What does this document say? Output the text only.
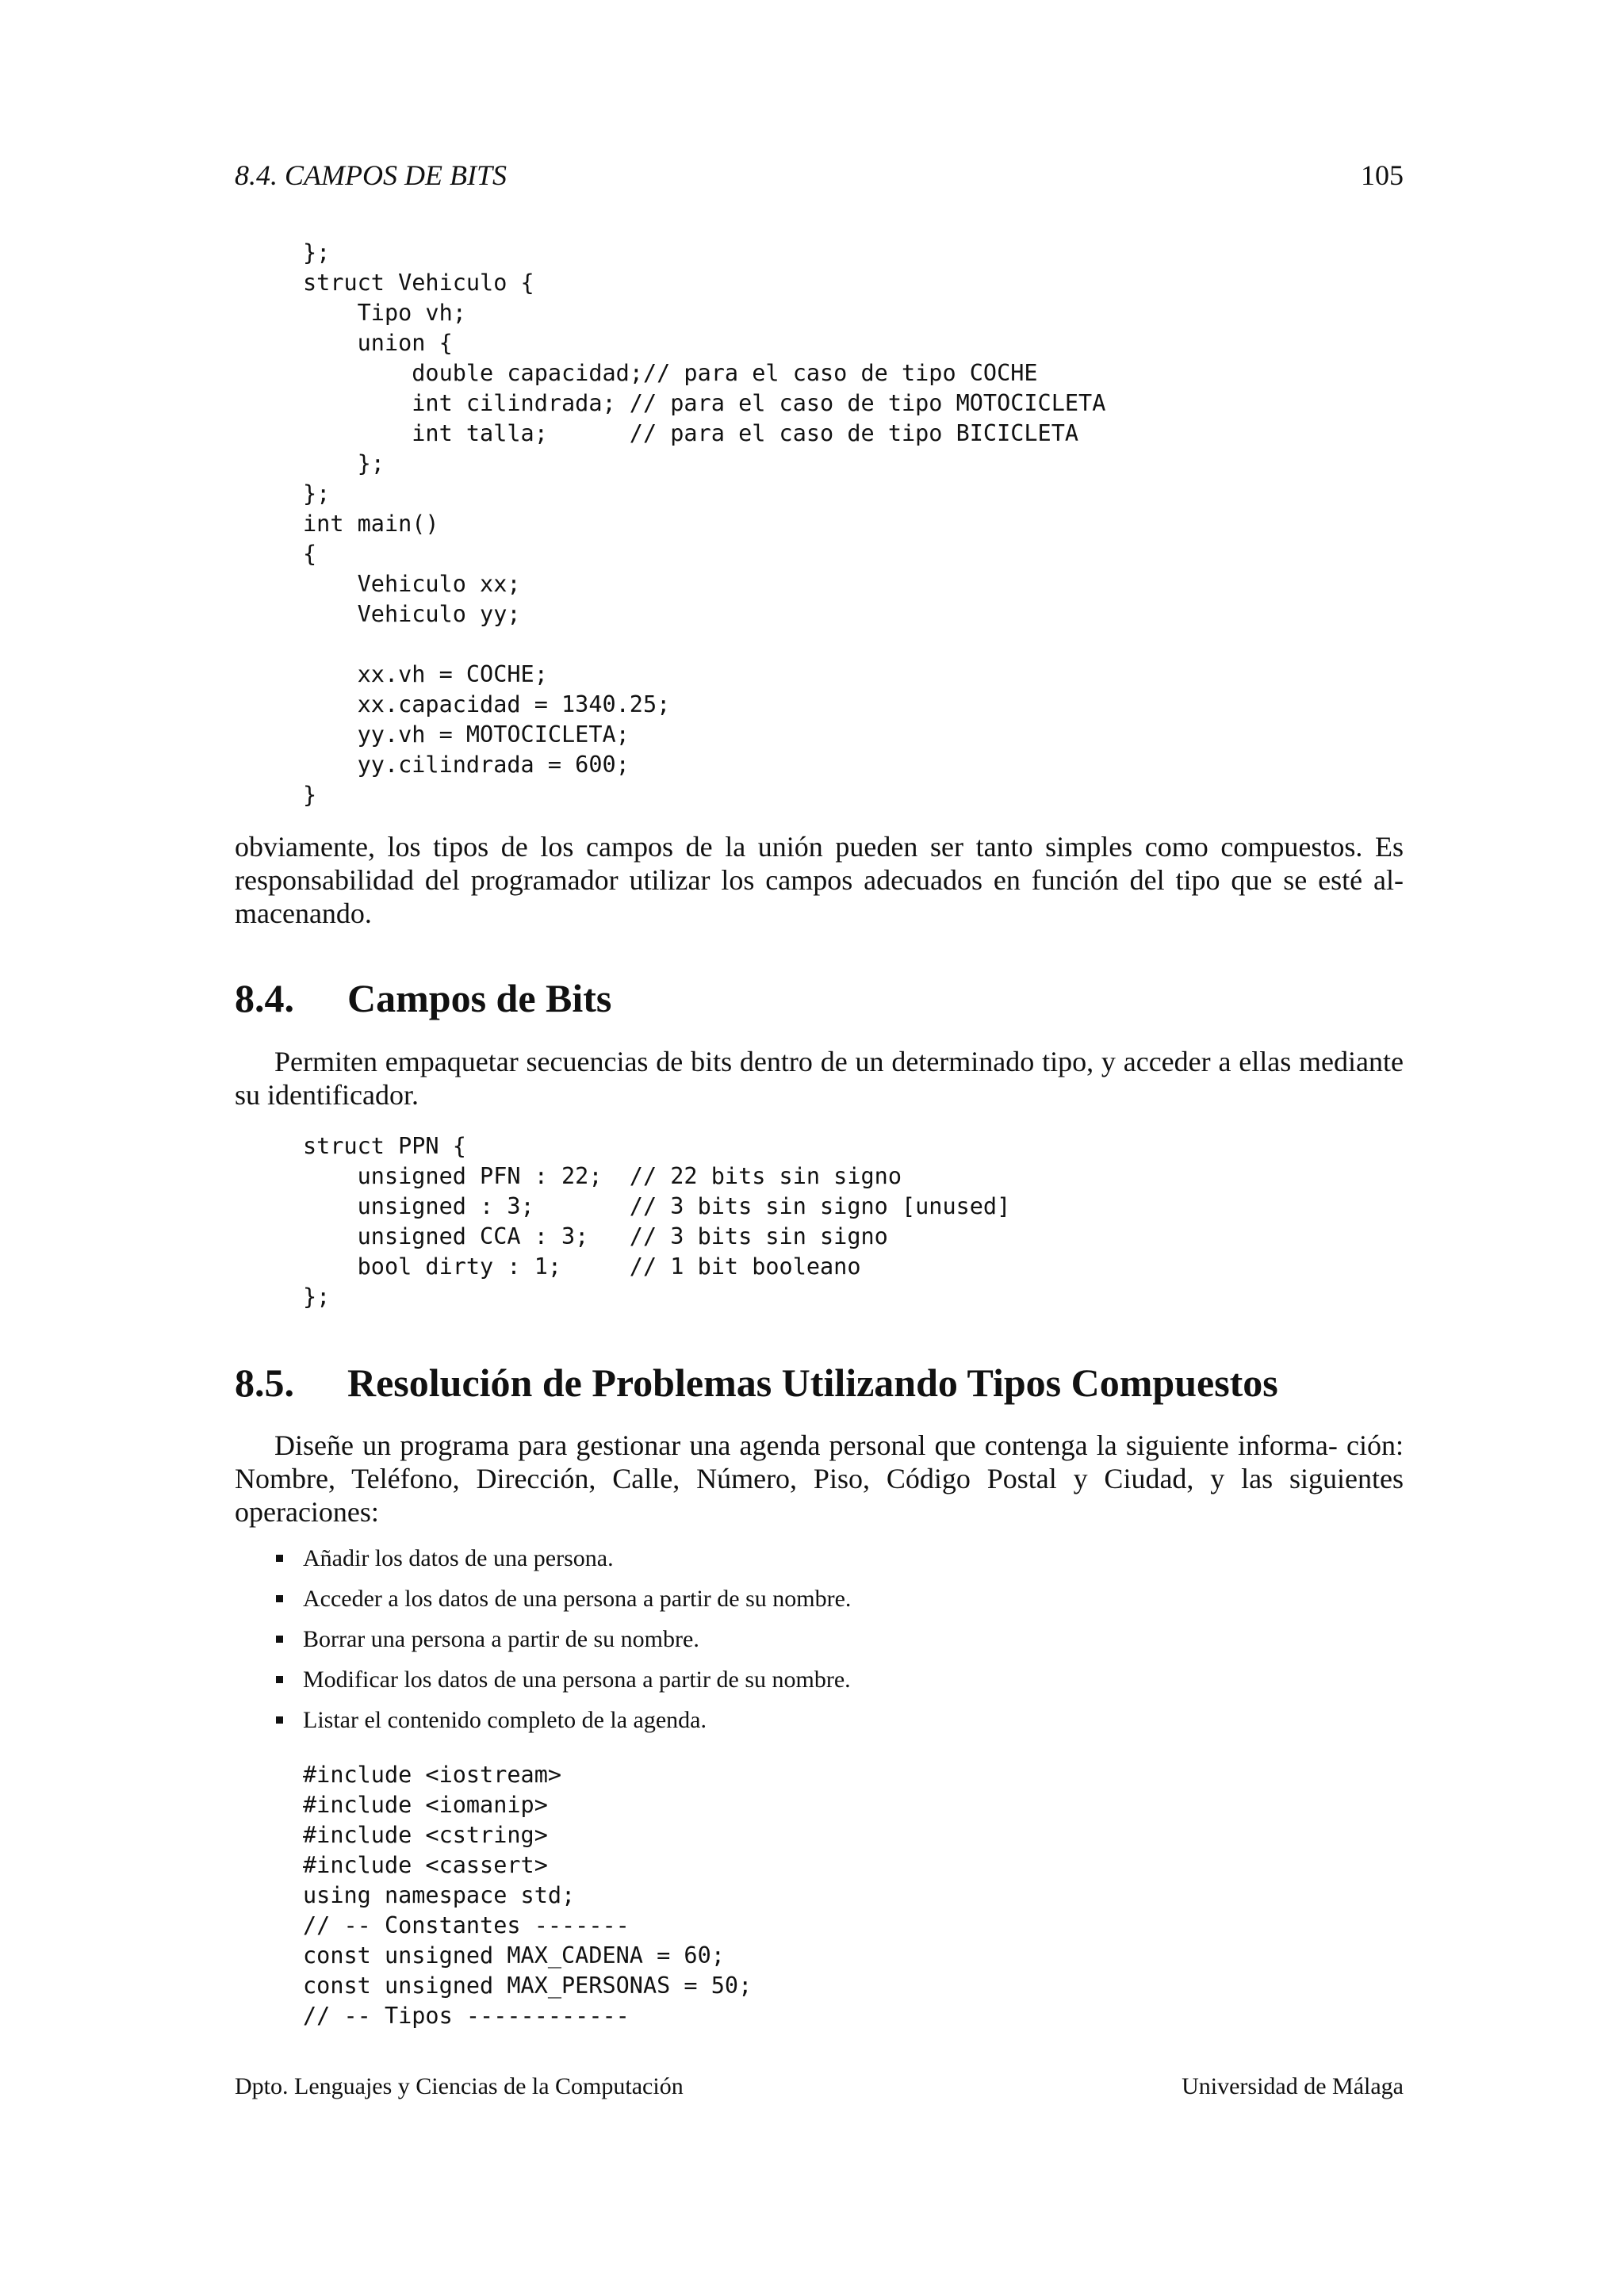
8.4. CAMPOS DE BITS	105
};
struct Vehiculo {
Tipo vh;
union {
double capacidad;// para el caso de tipo COCHE
int cilindrada; // para el caso de tipo MOTOCICLETA
int talla;      // para el caso de tipo BICICLETA
};
};
int main()
{
Vehiculo xx;
Vehiculo yy;

xx.vh = COCHE;
xx.capacidad = 1340.25;
yy.vh = MOTOCICLETA;
yy.cilindrada = 600;
}

obviamente, los tipos de los campos de la unión pueden ser tanto simples como compuestos. Es responsabilidad del programador utilizar los campos adecuados en función del tipo que se esté al- macenando.

8.4. Campos de Bits

Permiten empaquetar secuencias de bits dentro de un determinado tipo, y acceder a ellas mediante su identificador.

struct PPN {
unsigned PFN : 22;  // 22 bits sin signo
unsigned : 3;       // 3 bits sin signo [unused]
unsigned CCA : 3;   // 3 bits sin signo
bool dirty : 1;     // 1 bit booleano
};
8.5. Resolución de Problemas Utilizando Tipos Compuestos

Diseñe un programa para gestionar una agenda personal que contenga la siguiente informa- ción: Nombre, Teléfono, Dirección, Calle, Número, Piso, Código Postal y Ciudad, y las siguientes operaciones:

Añadir los datos de una persona.
Acceder a los datos de una persona a partir de su nombre.
Borrar una persona a partir de su nombre.
Modificar los datos de una persona a partir de su nombre.
Listar el contenido completo de la agenda.
#include <iostream>
#include <iomanip>
#include <cstring>
#include <cassert>
using namespace std;
// -- Constantes -------
const unsigned MAX_CADENA = 60;
const unsigned MAX_PERSONAS = 50;
// -- Tipos ------------
Dpto. Lenguajes y Ciencias de la Computación	Universidad de Málaga
